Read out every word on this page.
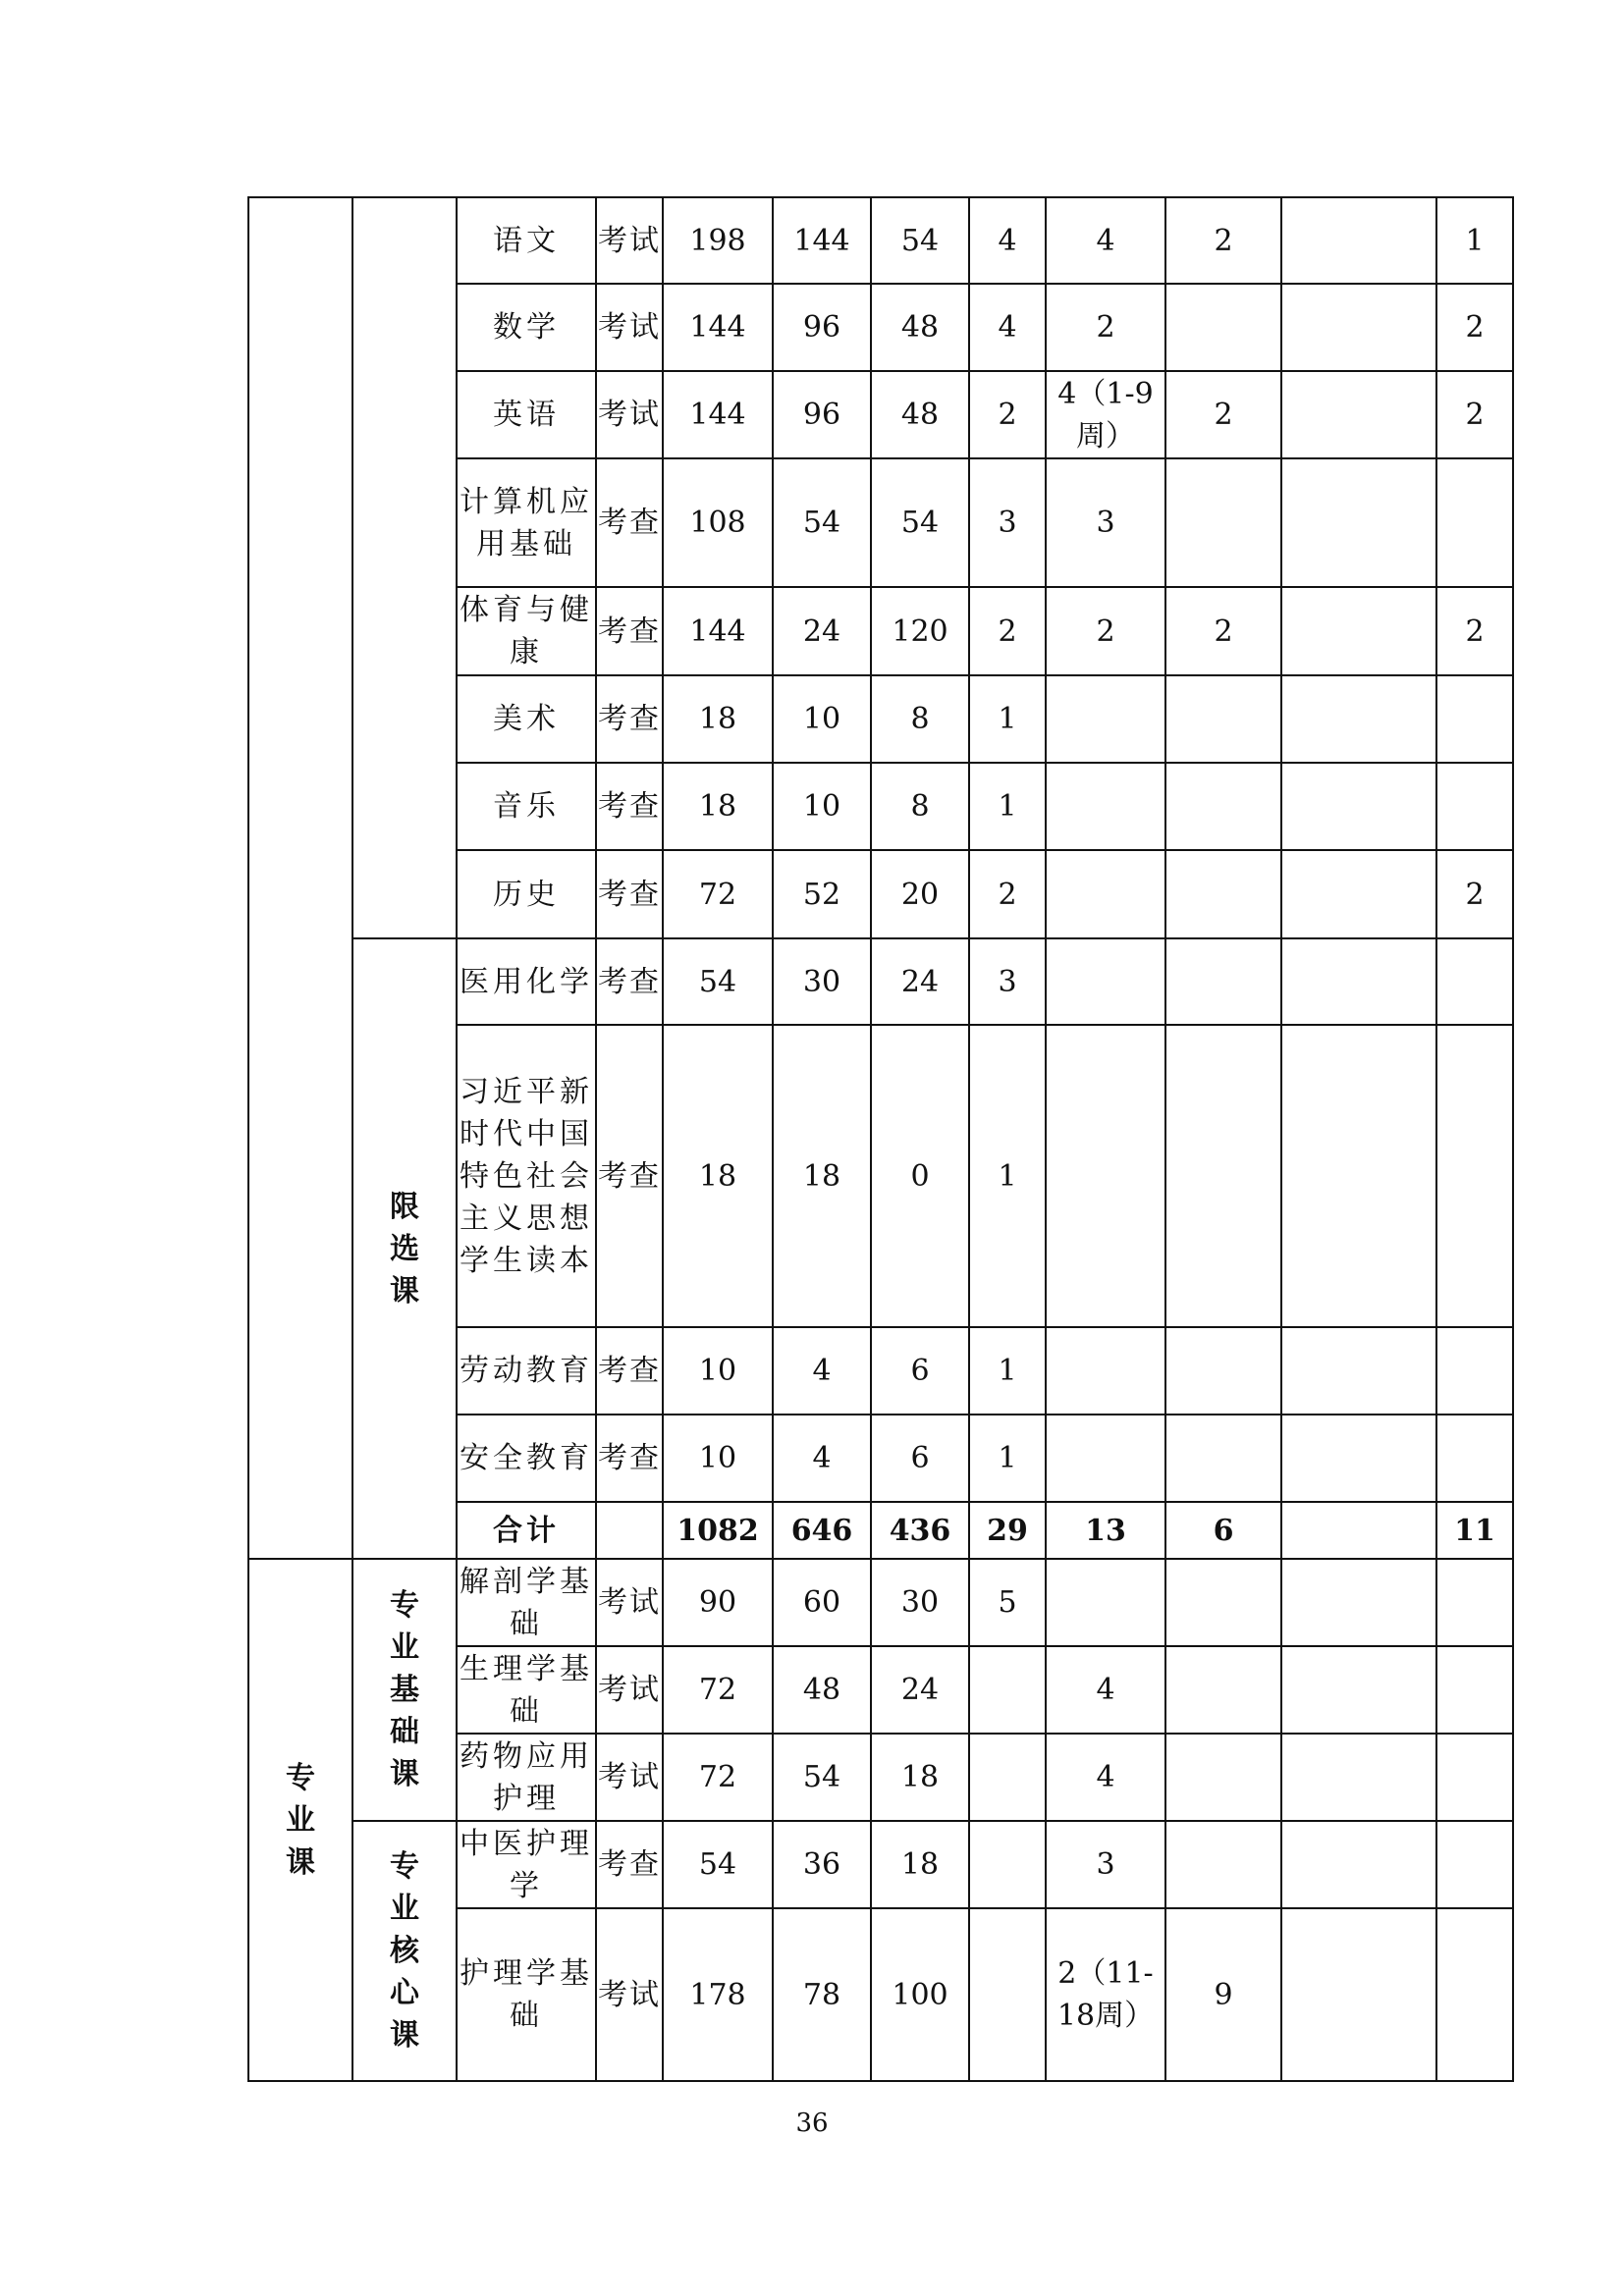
		语文	考试	198	144	54	4	4	2		1
		数学	考试	144	96	48	4	2			2
		英语	考试	144	96	48	2	4（1-9周）	2		2
		计算机应用基础	考查	108	54	54	3	3			
		体育与健康	考查	144	24	120	2	2	2		2
		美术	考查	18	10	8	1				
		音乐	考查	18	10	8	1				
		历史	考查	72	52	20	2				2

	限选课	医用化学	考查	54	30	24	3				
		习近平新时代中国特色社会主义思想学生读本	考查	18	18	0	1				
		劳动教育	考查	10	4	6	1				
		安全教育	考查	10	4	6	1				
		合计		1082	646	436	29	13	6		11

专业课	专业基础课	解剖学基础	考试	90	60	30	5				
		生理学基础	考试	72	48	24		4			
		药物应用护理	考试	72	54	18		4			

	专业核心课	中医护理学	考查	54	36	18		3			
		护理学基础	考试	178	78	100		2（11-18周）	9		
36
